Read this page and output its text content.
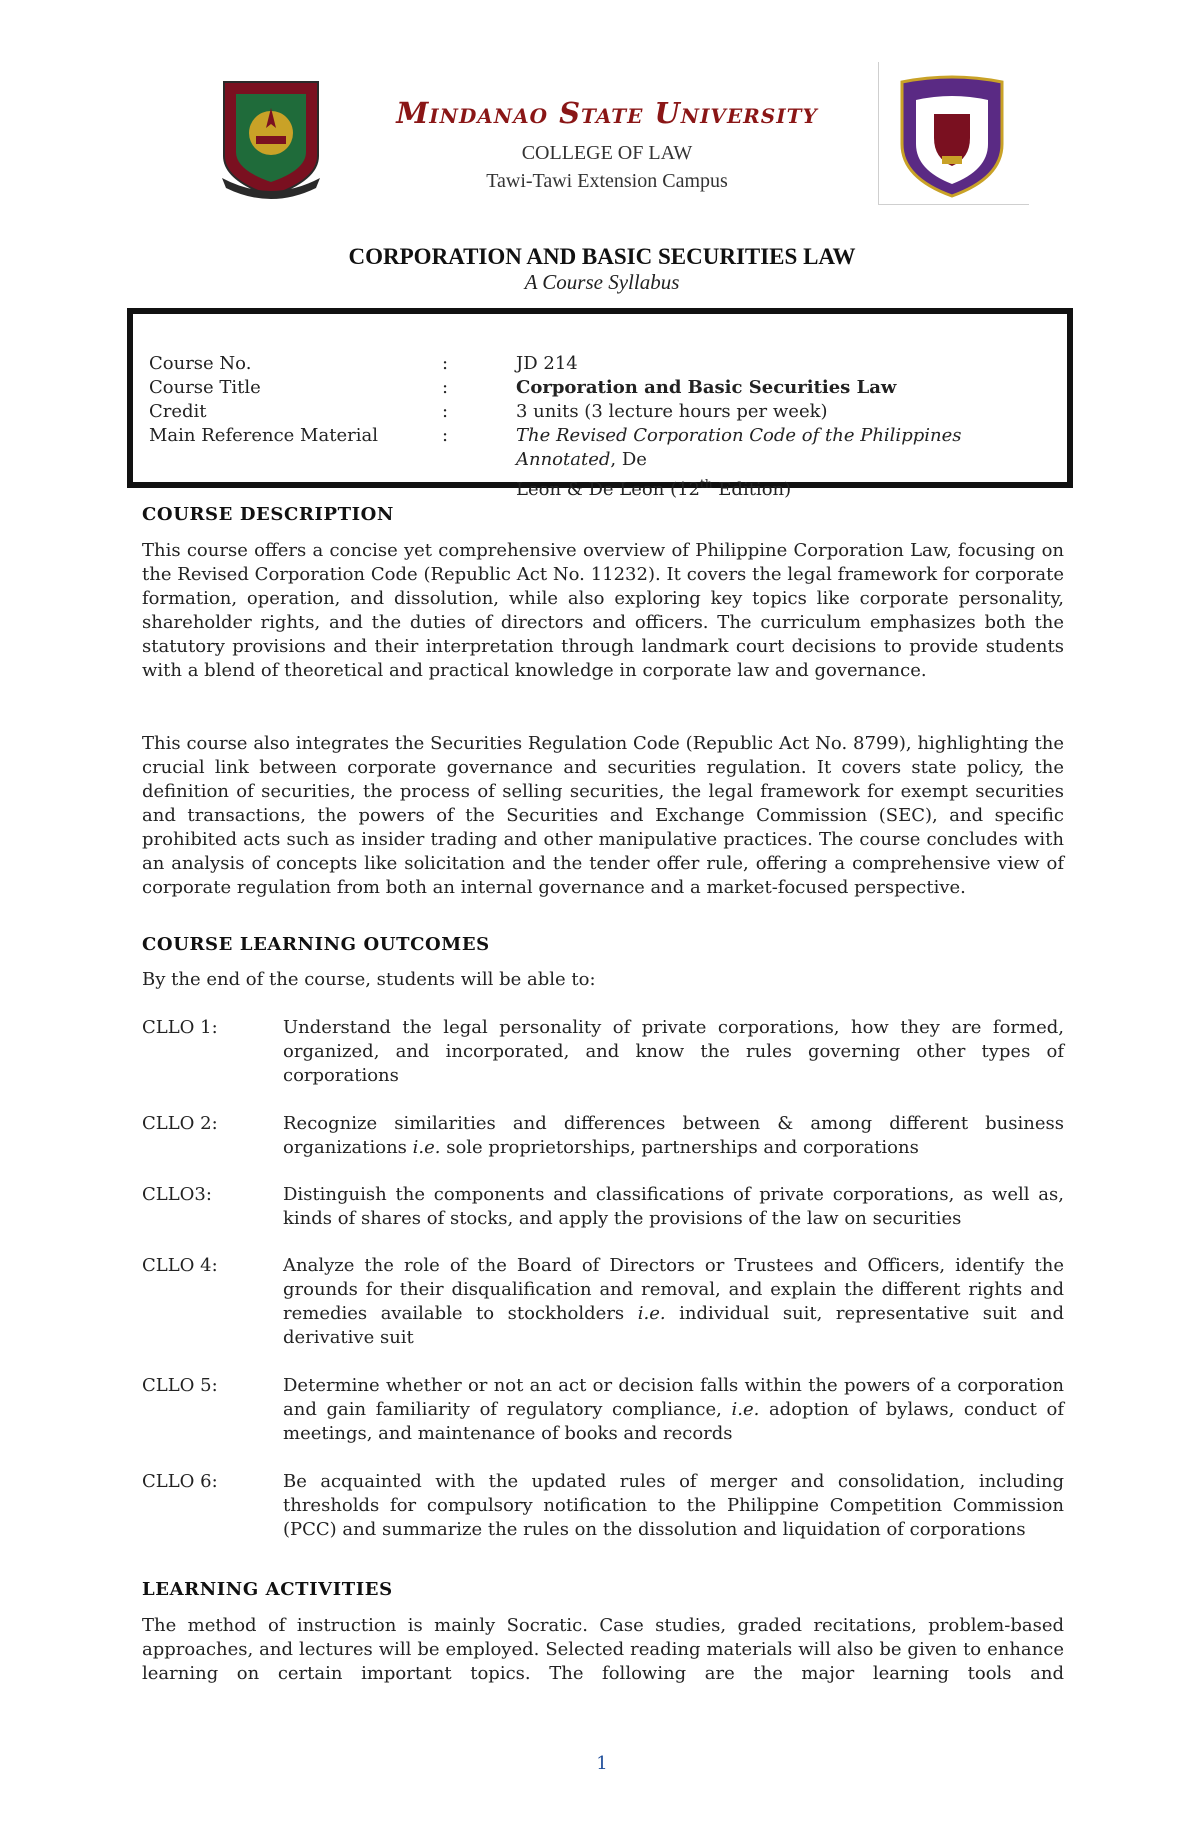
Mindanao State University
COLLEGE OF LAW
Tawi-Tawi Extension Campus
CORPORATION AND BASIC SECURITIES LAW
A Course Syllabus
Course No.	:	JD 214
Course Title	:	Corporation and Basic Securities Law
Credit	:	3 units (3 lecture hours per week)
Main Reference Material	:	The Revised Corporation Code of the Philippines Annotated, De
Leon & De Leon (12th Edition)
COURSE DESCRIPTION

This course offers a concise yet comprehensive overview of Philippine Corporation Law, focusing on the Revised Corporation Code (Republic Act No. 11232). It covers the legal framework for corporate formation, operation, and dissolution, while also exploring key topics like corporate personality, shareholder rights, and the duties of directors and officers. The curriculum emphasizes both the statutory provisions and their interpretation through landmark court decisions to provide students with a blend of theoretical and practical knowledge in corporate law and governance.

This course also integrates the Securities Regulation Code (Republic Act No. 8799), highlighting the crucial link between corporate governance and securities regulation. It covers state policy, the definition of securities, the process of selling securities, the legal framework for exempt securities and transactions, the powers of the Securities and Exchange Commission (SEC), and specific prohibited acts such as insider trading and other manipulative practices. The course concludes with an analysis of concepts like solicitation and the tender offer rule, offering a comprehensive view of corporate regulation from both an internal governance and a market-focused perspective.

COURSE LEARNING OUTCOMES

By the end of the course, students will be able to:

CLLO 1:	Understand the legal personality of private corporations, how they are formed, organized, and incorporated, and know the rules governing other types of corporations

CLLO 2:	Recognize similarities and differences between & among different business organizations i.e. sole proprietorships, partnerships and corporations

CLLO3:	Distinguish the components and classifications of private corporations, as well as, kinds of shares of stocks, and apply the provisions of the law on securities

CLLO 4:	Analyze the role of the Board of Directors or Trustees and Officers, identify the grounds for their disqualification and removal, and explain the different rights and remedies available to stockholders i.e. individual suit, representative suit and derivative suit

CLLO 5:	Determine whether or not an act or decision falls within the powers of a corporation and gain familiarity of regulatory compliance, i.e. adoption of bylaws, conduct of meetings, and maintenance of books and records

CLLO 6:	Be acquainted with the updated rules of merger and consolidation, including thresholds for compulsory notification to the Philippine Competition Commission (PCC) and summarize the rules on the dissolution and liquidation of corporations

LEARNING ACTIVITIES

The method of instruction is mainly Socratic. Case studies, graded recitations, problem-based approaches, and lectures will be employed. Selected reading materials will also be given to enhance learning on certain important topics. The following are the major learning tools and

1
